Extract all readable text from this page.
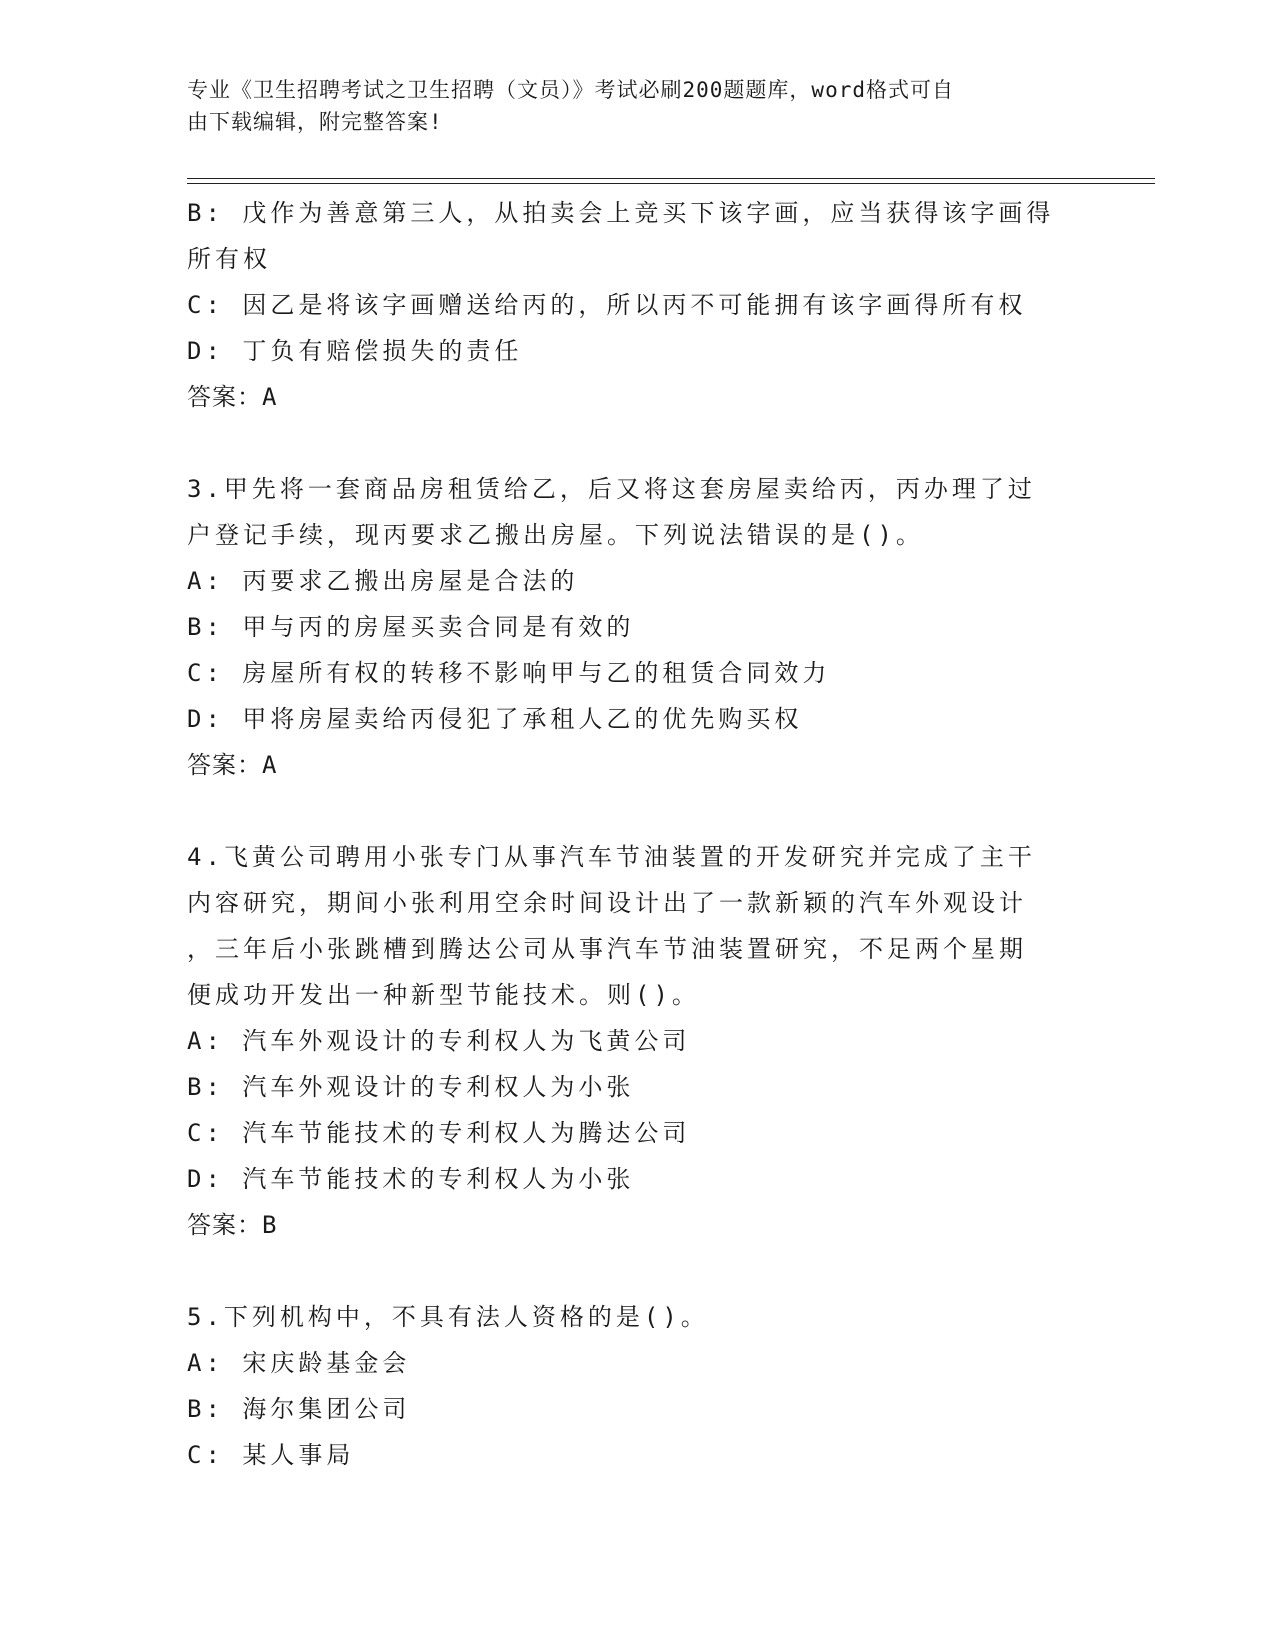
专业《卫生招聘考试之卫生招聘（文员）》考试必刷200题题库，word格式可自
由下载编辑，附完整答案!
B: 戊作为善意第三人，从拍卖会上竞买下该字画，应当获得该字画得
所有权
C: 因乙是将该字画赠送给丙的，所以丙不可能拥有该字画得所有权
D: 丁负有赔偿损失的责任
答案：A
3.甲先将一套商品房租赁给乙，后又将这套房屋卖给丙，丙办理了过
户登记手续，现丙要求乙搬出房屋。下列说法错误的是()。
A: 丙要求乙搬出房屋是合法的
B: 甲与丙的房屋买卖合同是有效的
C: 房屋所有权的转移不影响甲与乙的租赁合同效力
D: 甲将房屋卖给丙侵犯了承租人乙的优先购买权
答案：A
4.飞黄公司聘用小张专门从事汽车节油装置的开发研究并完成了主干
内容研究，期间小张利用空余时间设计出了一款新颖的汽车外观设计
，三年后小张跳槽到腾达公司从事汽车节油装置研究，不足两个星期
便成功开发出一种新型节能技术。则()。
A: 汽车外观设计的专利权人为飞黄公司
B: 汽车外观设计的专利权人为小张
C: 汽车节能技术的专利权人为腾达公司
D: 汽车节能技术的专利权人为小张
答案：B
5.下列机构中，不具有法人资格的是()。
A: 宋庆龄基金会
B: 海尔集团公司
C: 某人事局
